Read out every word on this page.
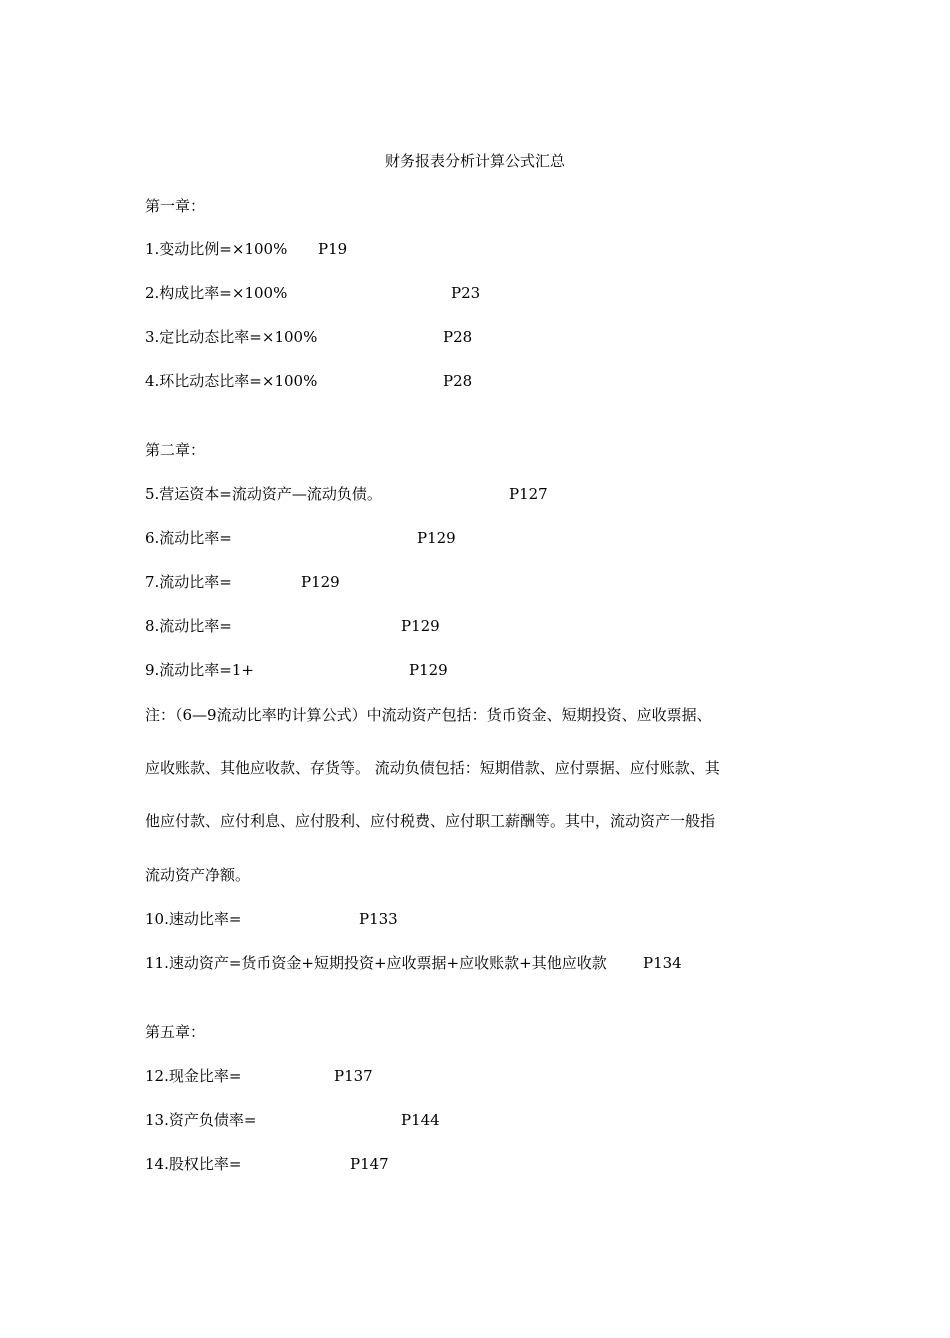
财务报表分析计算公式汇总
第一章：
1.变动比例=×100% P19
2.构成比率=×100%	P23
3.定比动态比率=×100%	P28
4.环比动态比率=×100%	P28
第二章：
5.营运资本=流动资产—流动负债。	P127
6.流动比率=	P129
7.流动比率=	P129
8.流动比率=	P129
9.流动比率=1+	P129
注：（6—9流动比率旳计算公式）中流动资产包括：货币资金、短期投资、应收票据、
应收账款、其他应收款、存货等。 流动负债包括：短期借款、应付票据、应付账款、其
他应付款、应付利息、应付股利、应付税费、应付职工薪酬等。其中，流动资产一般指
流动资产净额。
10.速动比率=	P133
11.速动资产=货币资金+短期投资+应收票据+应收账款+其他应收款 P134
第五章：
12.现金比率=	P137
13.资产负债率=	P144
14.股权比率=	P147
